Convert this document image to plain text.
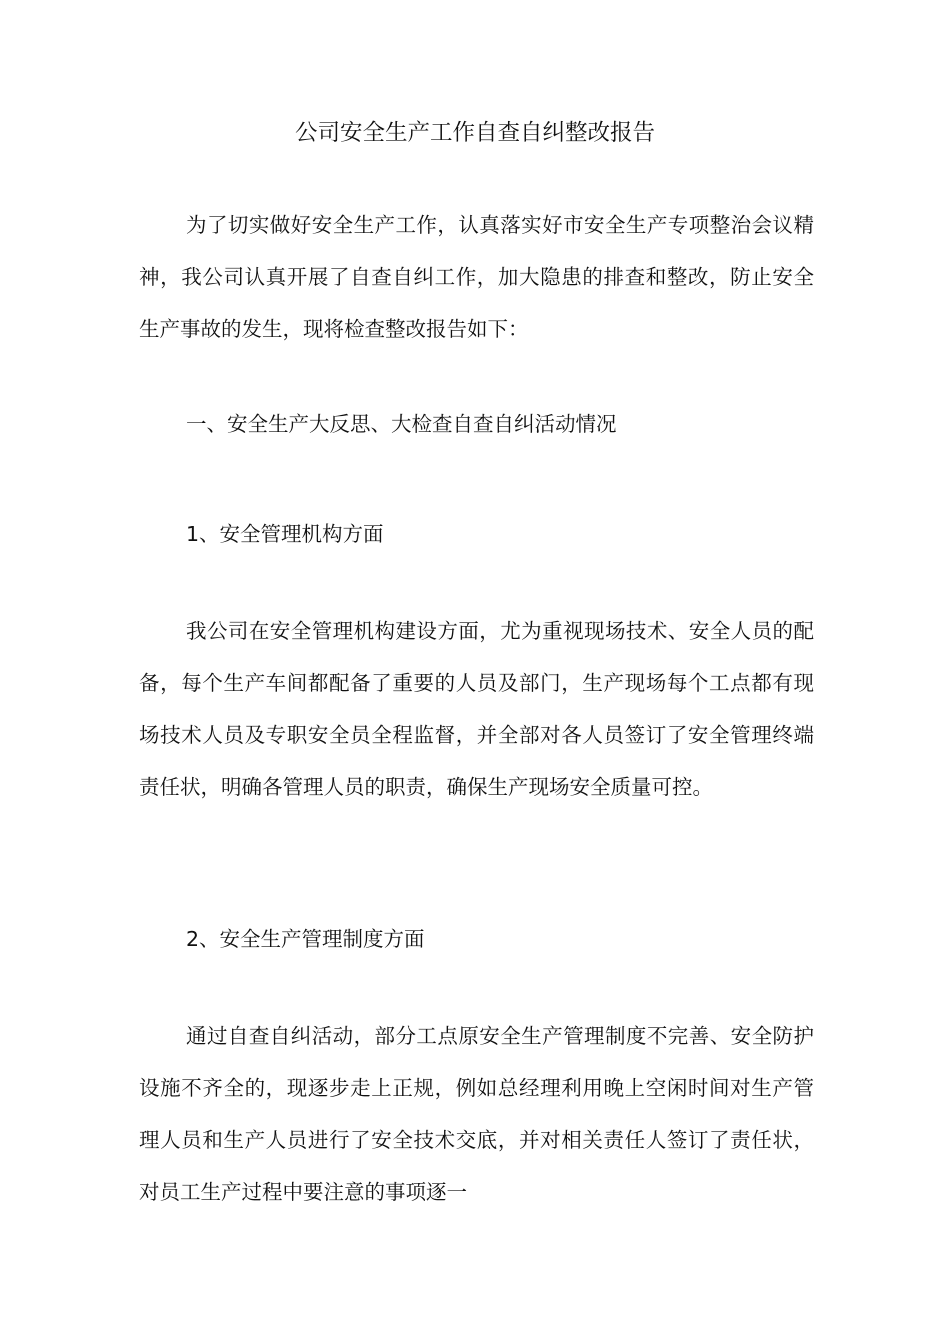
公司安全生产工作自查自纠整改报告

为了切实做好安全生产工作，认真落实好市安全生产专项整治会议精神，我公司认真开展了自查自纠工作，加大隐患的排查和整改，防止安全生产事故的发生，现将检查整改报告如下：

一、安全生产大反思、大检查自查自纠活动情况
1、安全管理机构方面

我公司在安全管理机构建设方面，尤为重视现场技术、安全人员的配备，每个生产车间都配备了重要的人员及部门，生产现场每个工点都有现场技术人员及专职安全员全程监督，并全部对各人员签订了安全管理终端责任状，明确各管理人员的职责，确保生产现场安全质量可控。

2、安全生产管理制度方面

通过自查自纠活动，部分工点原安全生产管理制度不完善、安全防护设施不齐全的，现逐步走上正规，例如总经理利用晚上空闲时间对生产管理人员和生产人员进行了安全技术交底，并对相关责任人签订了责任状，对员工生产过程中要注意的事项逐一
